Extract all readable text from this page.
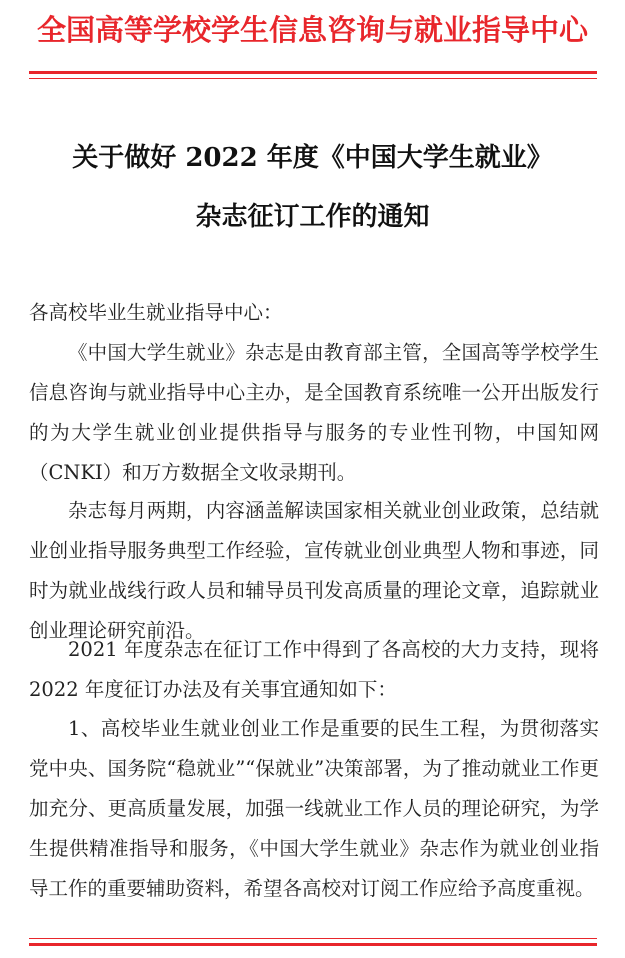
全国高等学校学生信息咨询与就业指导中心
关于做好 2022 年度《中国大学生就业》
杂志征订工作的通知
各高校毕业生就业指导中心：

《中国大学生就业》杂志是由教育部主管，全国高等学校学生信息咨询与就业指导中心主办，是全国教育系统唯一公开出版发行的为大学生就业创业提供指导与服务的专业性刊物，中国知网（CNKI）和万方数据全文收录期刊。

杂志每月两期，内容涵盖解读国家相关就业创业政策，总结就业创业指导服务典型工作经验，宣传就业创业典型人物和事迹，同时为就业战线行政人员和辅导员刊发高质量的理论文章，追踪就业创业理论研究前沿。

2021 年度杂志在征订工作中得到了各高校的大力支持，现将 2022 年度征订办法及有关事宜通知如下：

1、高校毕业生就业创业工作是重要的民生工程，为贯彻落实党中央、国务院“稳就业”“保就业”决策部署，为了推动就业工作更加充分、更高质量发展，加强一线就业工作人员的理论研究，为学生提供精准指导和服务，《中国大学生就业》杂志作为就业创业指导工作的重要辅助资料，希望各高校对订阅工作应给予高度重视。
